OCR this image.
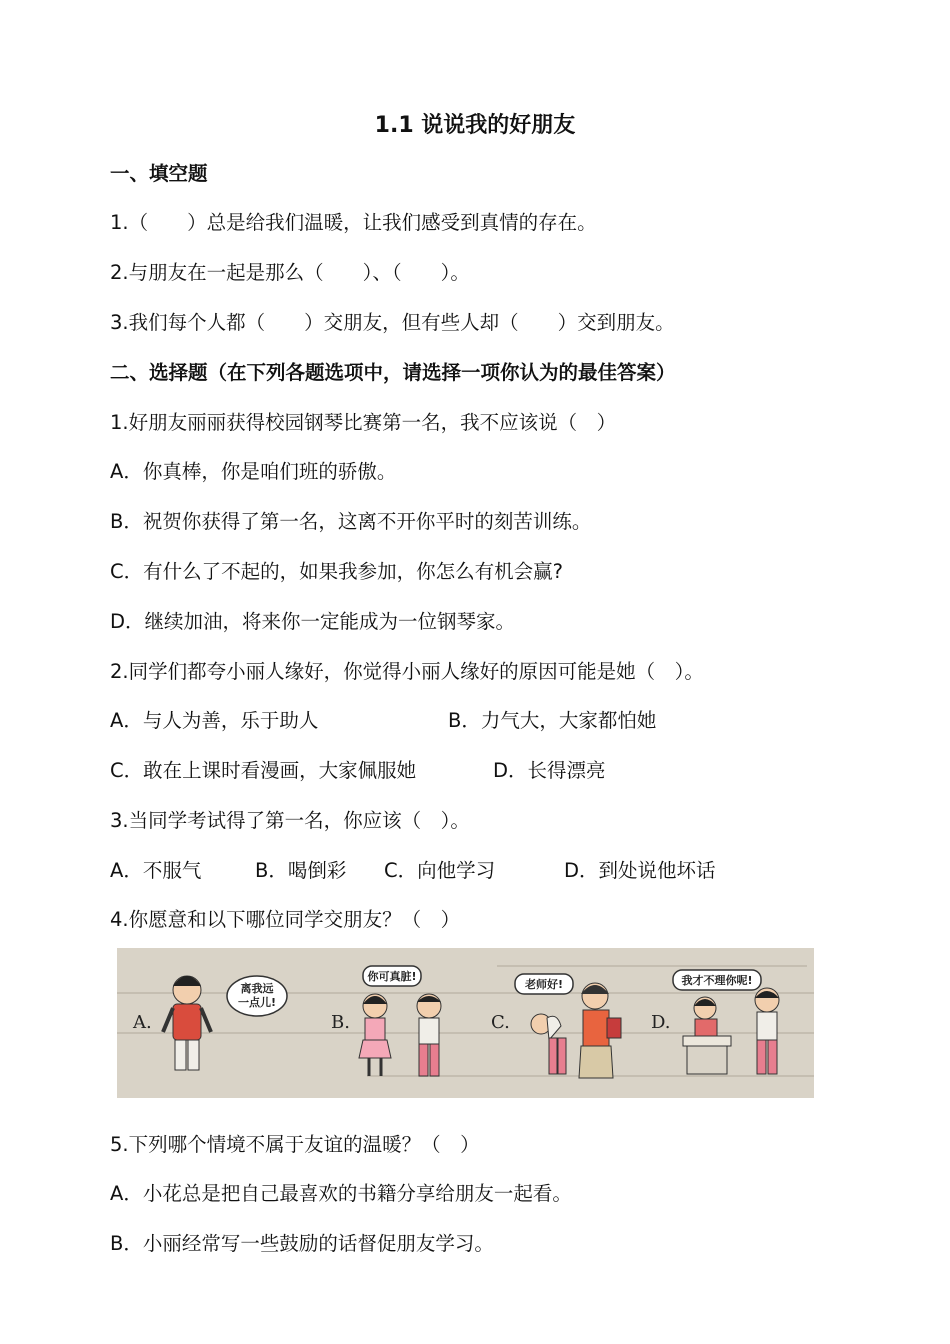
1.1 说说我的好朋友
一、填空题
1.（　　）总是给我们温暖，让我们感受到真情的存在。
2.与朋友在一起是那么（　　）、（　　）。
3.我们每个人都（　　）交朋友，但有些人却（　　）交到朋友。
二、选择题（在下列各题选项中，请选择一项你认为的最佳答案）
1.好朋友丽丽获得校园钢琴比赛第一名，我不应该说（　）
A．你真棒，你是咱们班的骄傲。
B．祝贺你获得了第一名，这离不开你平时的刻苦训练。
C．有什么了不起的，如果我参加，你怎么有机会赢?
D．继续加油，将来你一定能成为一位钢琴家。
2.同学们都夸小丽人缘好，你觉得小丽人缘好的原因可能是她（　）。

A．与人为善，乐于助人

	B．力气大，大家都怕她

C．敢在上课时看漫画，大家佩服她

	D．长得漂亮

3.当同学考试得了第一名，你应该（　）。

A．不服气

	B．喝倒彩

C．向他学习

	D．到处说他坏话

4.你愿意和以下哪位同学交朋友？（　）
A.
离我远
一点儿!
B.
你可真脏!
C.
老师好!
D.
我才不理你呢!
5.下列哪个情境不属于友谊的温暖？（　）
A．小花总是把自己最喜欢的书籍分享给朋友一起看。
B．小丽经常写一些鼓励的话督促朋友学习。
